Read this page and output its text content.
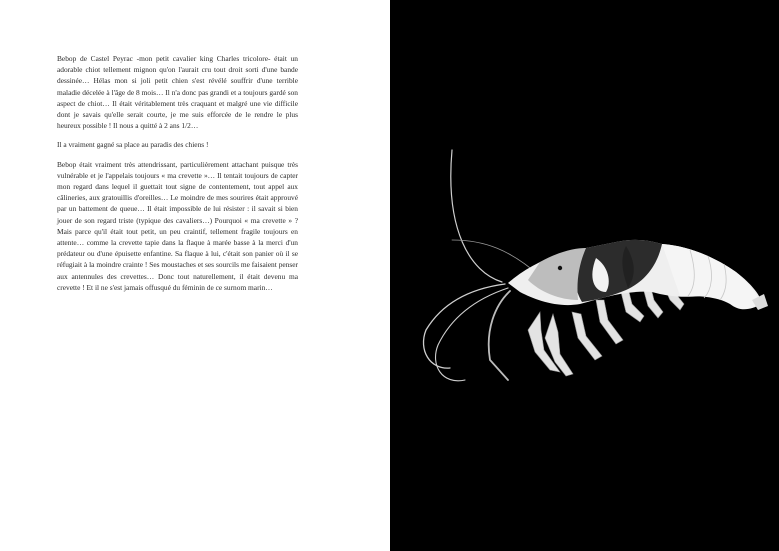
Bebop de Castel Peyrac -mon petit cavalier king Charles tricolore- était un adorable chiot tellement mignon qu'on l'aurait cru tout droit sorti d'une bande dessinée… Hélas mon si joli petit chien s'est révélé souffrir d'une terrible maladie décelée à l'âge de 8 mois… Il n'a donc pas grandi et a toujours gardé son aspect de chiot… Il était véritablement très craquant et malgré une vie difficile dont je savais qu'elle serait courte, je me suis efforcée de le rendre le plus heureux possible ! Il nous a quitté à 2 ans 1/2…

Il a vraiment gagné sa place au paradis des chiens !

Bebop était vraiment très attendrissant, particulièrement attachant puisque très vulnérable et je l'appelais toujours « ma crevette »… Il tentait toujours de capter mon regard dans lequel il guettait tout signe de contentement, tout appel aux câlineries, aux gratouillis d'oreilles… Le moindre de mes sourires était approuvé par un battement de queue… Il était impossible de lui résister : il savait si bien jouer de son regard triste (typique des cavaliers…) Pourquoi « ma crevette » ? Mais parce qu'il était tout petit, un peu craintif, tellement fragile toujours en attente… comme la crevette tapie dans la flaque à marée basse à la merci d'un prédateur ou d'une épuisette enfantine. Sa flaque à lui, c'était son panier où il se réfugiait à la moindre crainte ! Ses moustaches et ses sourcils me faisaient penser aux antennules des crevettes… Donc tout naturellement, il était devenu ma crevette ! Et il ne s'est jamais offusqué du féminin de ce surnom marin…
